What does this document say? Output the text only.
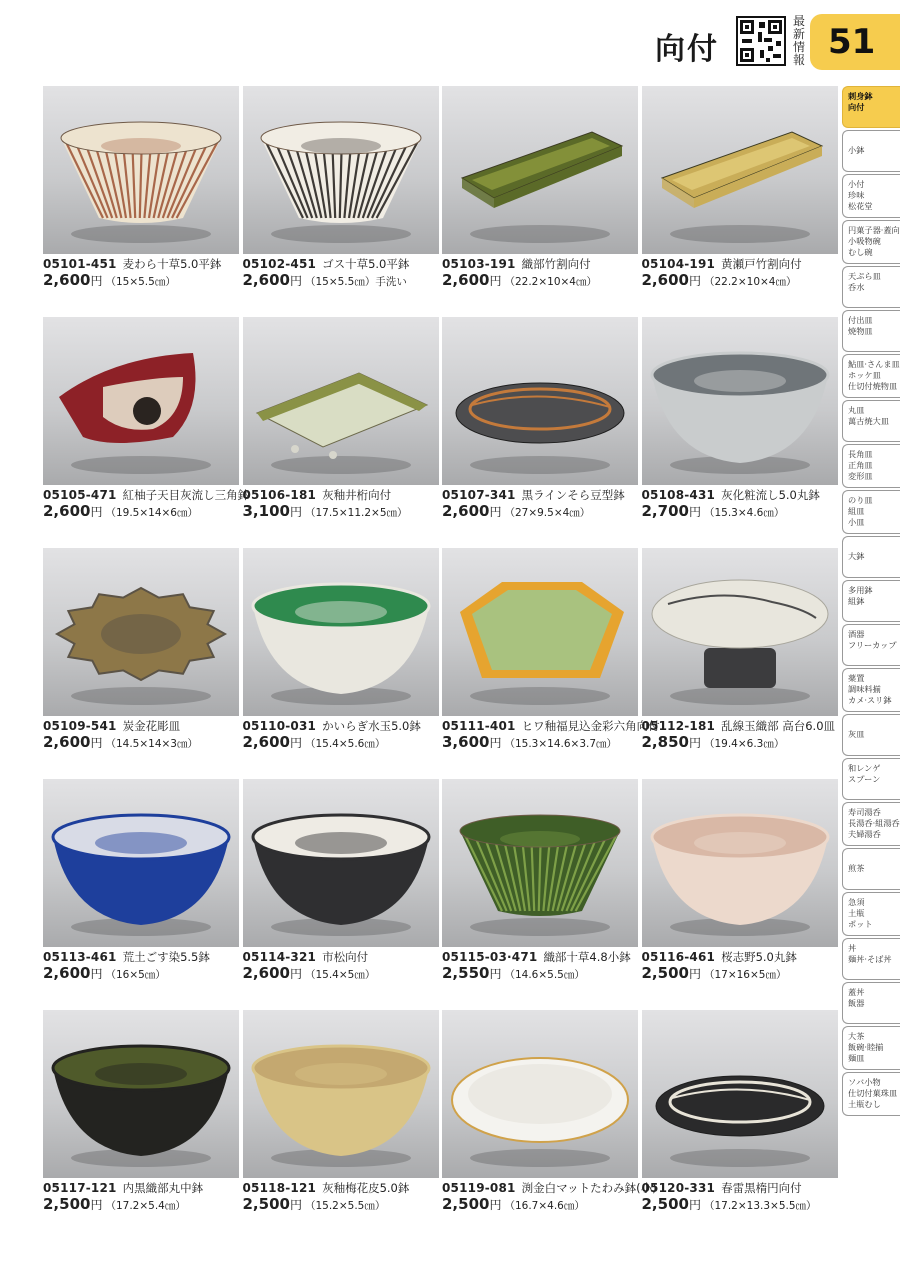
向付
最新情報 51
05101-451 麦わら十草5.0平鉢
2,600円 （15×5.5㎝）
05102-451 ゴス十草5.0平鉢
2,600円 （15×5.5㎝）手洗い
05103-191 織部竹割向付
2,600円 （22.2×10×4㎝）
05104-191 黄瀬戸竹割向付
2,600円 （22.2×10×4㎝）
05105-471 紅柚子天目灰流し三角鉢
2,600円 （19.5×14×6㎝）
05106-181 灰釉井桁向付
3,100円 （17.5×11.2×5㎝）
05107-341 黒ラインそら豆型鉢
2,600円 （27×9.5×4㎝）
05108-431 灰化粧流し5.0丸鉢
2,700円 （15.3×4.6㎝）
05109-541 炭金花彫皿
2,600円 （14.5×14×3㎝）
05110-031 かいらぎ水玉5.0鉢
2,600円 （15.4×5.6㎝）
05111-401 ヒワ釉福見込金彩六角向付
3,600円 （15.3×14.6×3.7㎝）
05112-181 乱線玉織部 高台6.0皿
2,850円 （19.4×6.3㎝）
05113-461 荒土ごす染5.5鉢
2,600円 （16×5㎝）
05114-321 市松向付
2,600円 （15.4×5㎝）
05115-03·471 織部十草4.8小鉢
2,550円 （14.6×5.5㎝）
05116-461 桜志野5.0丸鉢
2,500円 （17×16×5㎝）
05117-121 内黒織部丸中鉢
2,500円 （17.2×5.4㎝）
05118-121 灰釉梅花皮5.0鉢
2,500円 （15.2×5.5㎝）
05119-081 渕金白マットたわみ鉢(小)
2,500円 （16.7×4.6㎝）
05120-331 春雷黒楕円向付
2,500円 （17.2×13.3×5.5㎝）
刺身鉢
向付
小鉢
小付
珍味
松花堂
円菓子器·蓋向
小吸物碗
むし碗
天ぷら皿
呑水
付出皿
焼物皿
鮎皿·さんま皿
ホッケ皿
仕切付焼物皿
丸皿
萬古焼大皿
長角皿
正角皿
変形皿
のり皿
組皿
小皿
大鉢
多用鉢
組鉢
酒器
フリーカップ
薬置
調味料揃
カメ·スリ鉢
灰皿
和レンゲ
スプーン
寿司湯呑
長湯呑·組湯呑
夫婦湯呑
煎茶
急須
土瓶
ポット
丼
麺丼·そば丼
蓋丼
飯器
大茶
飯碗·睦揃
麺皿
ソバ小物
仕切付菓珠皿
土瓶むし
